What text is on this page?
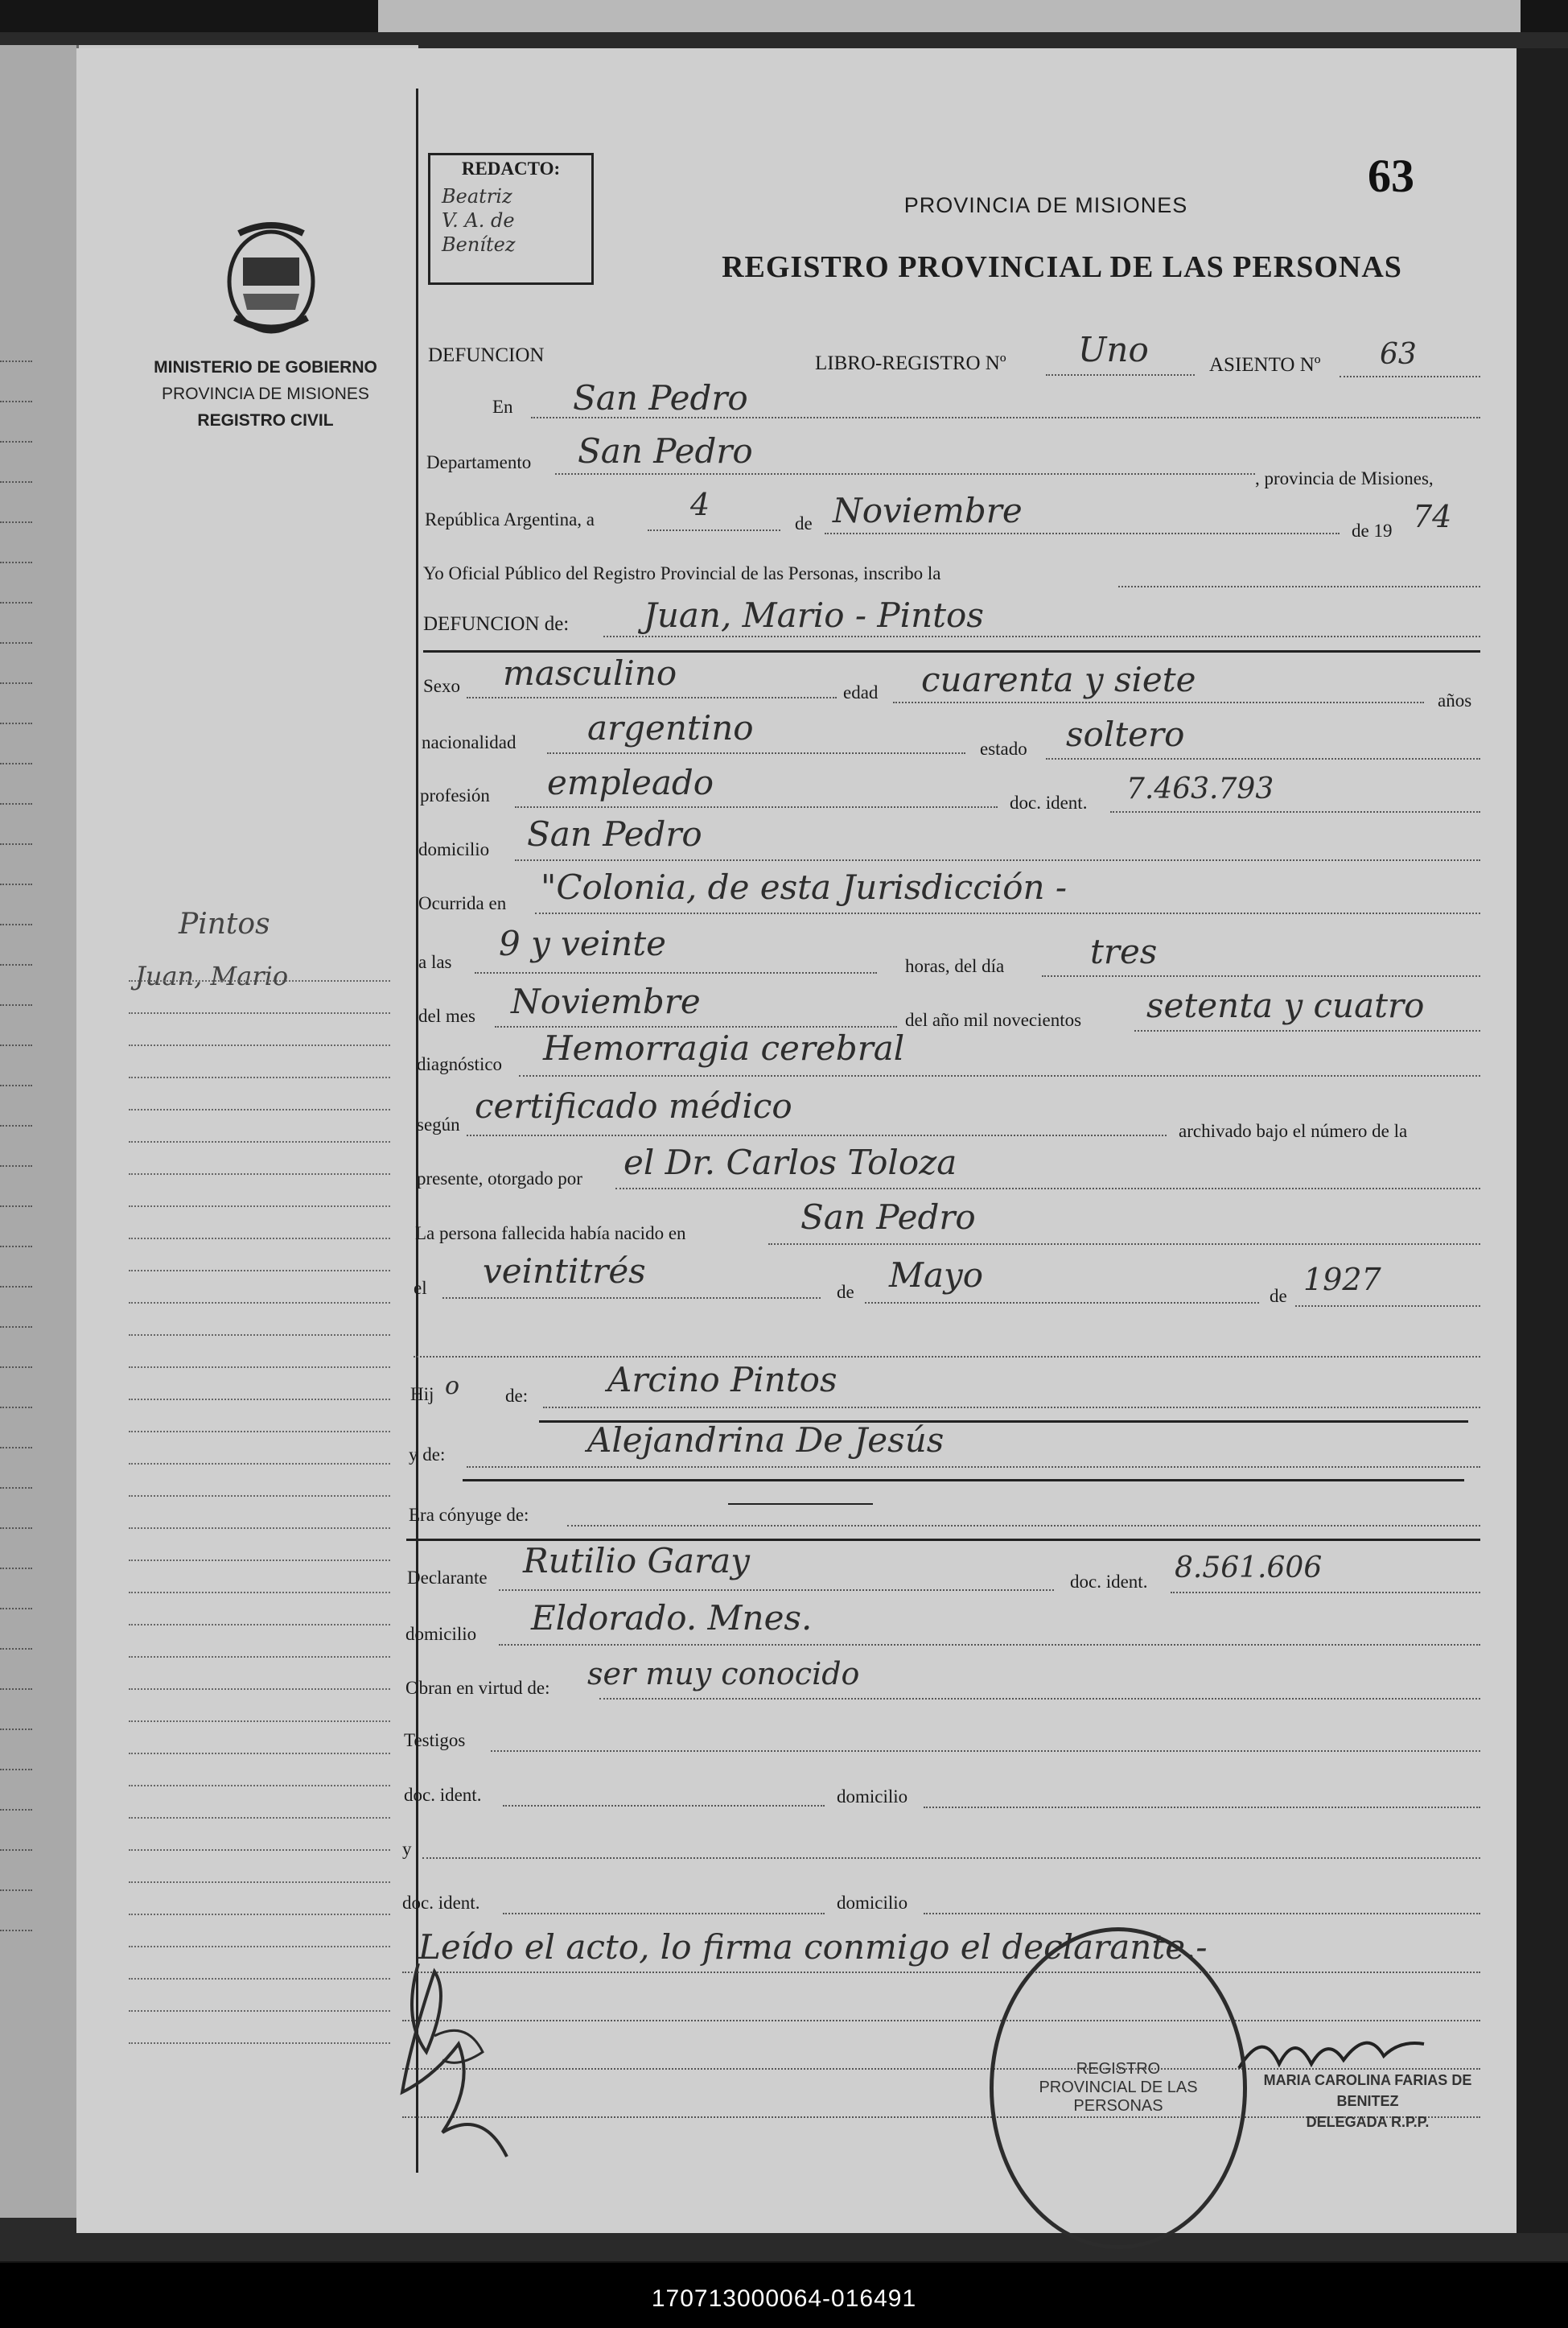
MINISTERIO DE GOBIERNO
PROVINCIA DE MISIONES
REGISTRO CIVIL
Pintos
Juan, Mario
REDACTO:
Beatriz
V. A. de
Benítez
63
PROVINCIA DE MISIONES
REGISTRO PROVINCIAL DE LAS PERSONAS
DEFUNCION	LIBRO-REGISTRO Nº Uno	ASIENTO Nº 63
En San Pedro
Departamento San Pedro
, provincia de Misiones,
República Argentina, a	4
de Noviembre
de 19 74
Yo Oficial Público del Registro Provincial de las Personas, inscribo la
DEFUNCION de: Juan, Mario - Pintos
Sexo masculino	edad cuarenta y siete
años
nacionalidad argentino
estado soltero
profesión empleado
doc. ident. 7.463.793
domicilio San Pedro
Ocurrida en "Colonia, de esta Jurisdicción -
a las 9 y veinte
horas, del día	tres
del mes Noviembre	del año mil novecientos setenta y cuatro
diagnóstico Hemorragia cerebral
según certificado médico
archivado bajo el número de la
presente, otorgado por el Dr. Carlos Toloza
La persona fallecida había nacido en	San Pedro
el veintitrés
de Mayo
de 1927
Hij o de: Arcino Pintos
y de:	Alejandrina De Jesús
Era cónyuge de:
Declarante Rutilio Garay
doc. ident. 8.561.606
domicilio Eldorado. Mnes.
Obran en virtud de: ser muy conocido
Testigos
doc. ident.	domicilio
y
doc. ident.	domicilio
Leído el acto, lo firma conmigo el declarante.-
REGISTRO PROVINCIAL DE LAS PERSONAS
MARIA CAROLINA FARIAS DE BENITEZ
DELEGADA R.P.P.
170713000064-016491
